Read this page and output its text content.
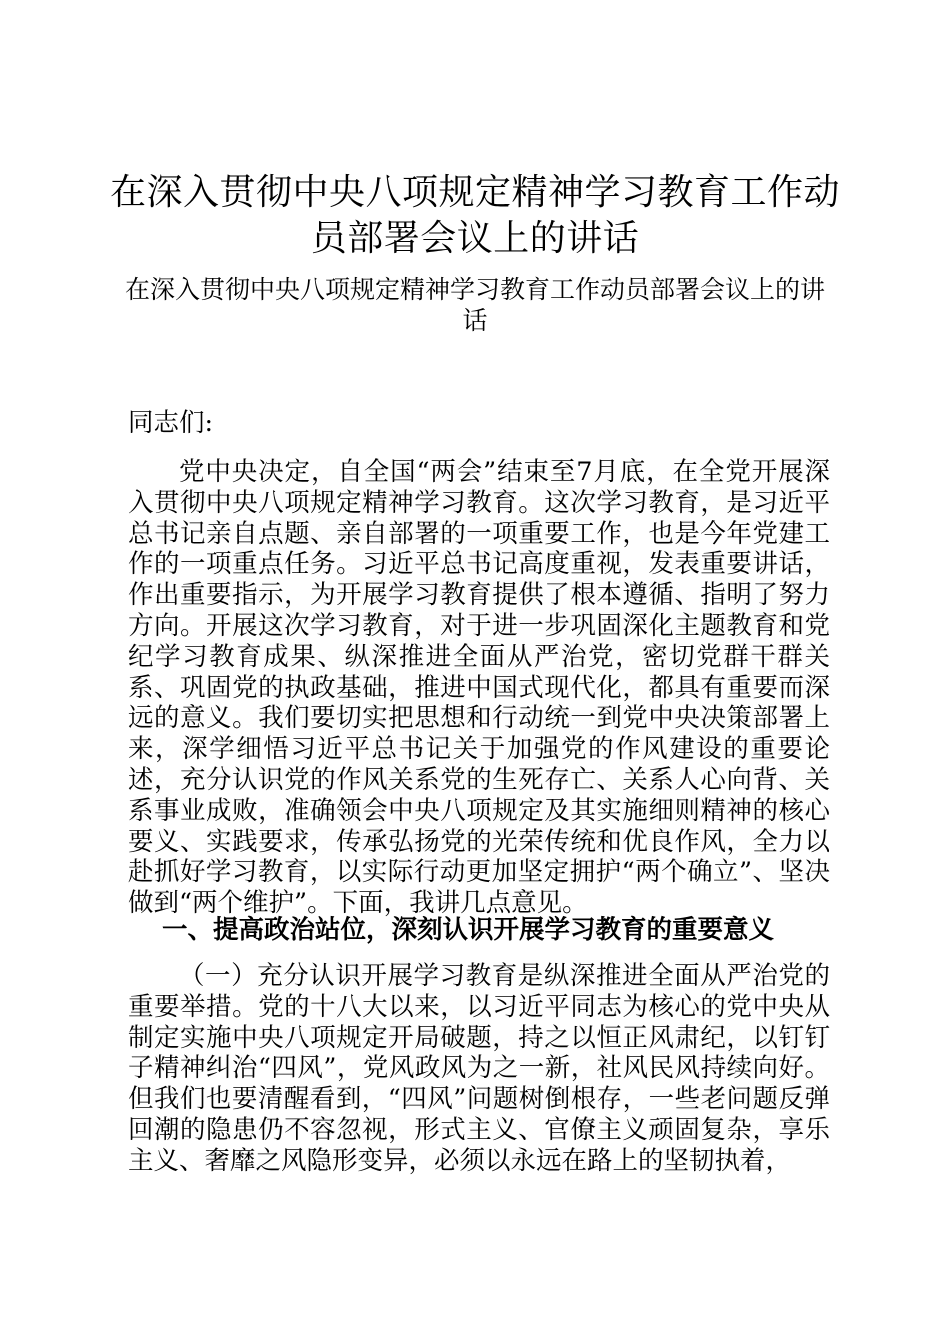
在深入贯彻中央八项规定精神学习教育工作动员部署会议上的讲话
在深入贯彻中央八项规定精神学习教育工作动员部署会议上的讲话

同志们:

党中央决定，自全国“两会”结束至7月底，在全党开展深入贯彻中央八项规定精神学习教育。这次学习教育，是习近平总书记亲自点题、亲自部署的一项重要工作，也是今年党建工作的一项重点任务。习近平总书记高度重视，发表重要讲话，作出重要指示，为开展学习教育提供了根本遵循、指明了努力方向。开展这次学习教育，对于进一步巩固深化主题教育和党纪学习教育成果、纵深推进全面从严治党，密切党群干群关系、巩固党的执政基础，推进中国式现代化，都具有重要而深远的意义。我们要切实把思想和行动统一到党中央决策部署上来，深学细悟习近平总书记关于加强党的作风建设的重要论述，充分认识党的作风关系党的生死存亡、关系人心向背、关系事业成败，准确领会中央八项规定及其实施细则精神的核心要义、实践要求，传承弘扬党的光荣传统和优良作风，全力以赴抓好学习教育，以实际行动更加坚定拥护“两个确立”、坚决做到“两个维护”。下面，我讲几点意见。

一、提高政治站位，深刻认识开展学习教育的重要意义

（一）充分认识开展学习教育是纵深推进全面从严治党的重要举措。党的十八大以来，以习近平同志为核心的党中央从制定实施中央八项规定开局破题，持之以恒正风肃纪，以钉钉子精神纠治“四风”，党风政风为之一新，社风民风持续向好。但我们也要清醒看到，“四风”问题树倒根存，一些老问题反弹回潮的隐患仍不容忽视，形式主义、官僚主义顽固复杂，享乐主义、奢靡之风隐形变异，必须以永远在路上的坚韧执着，
